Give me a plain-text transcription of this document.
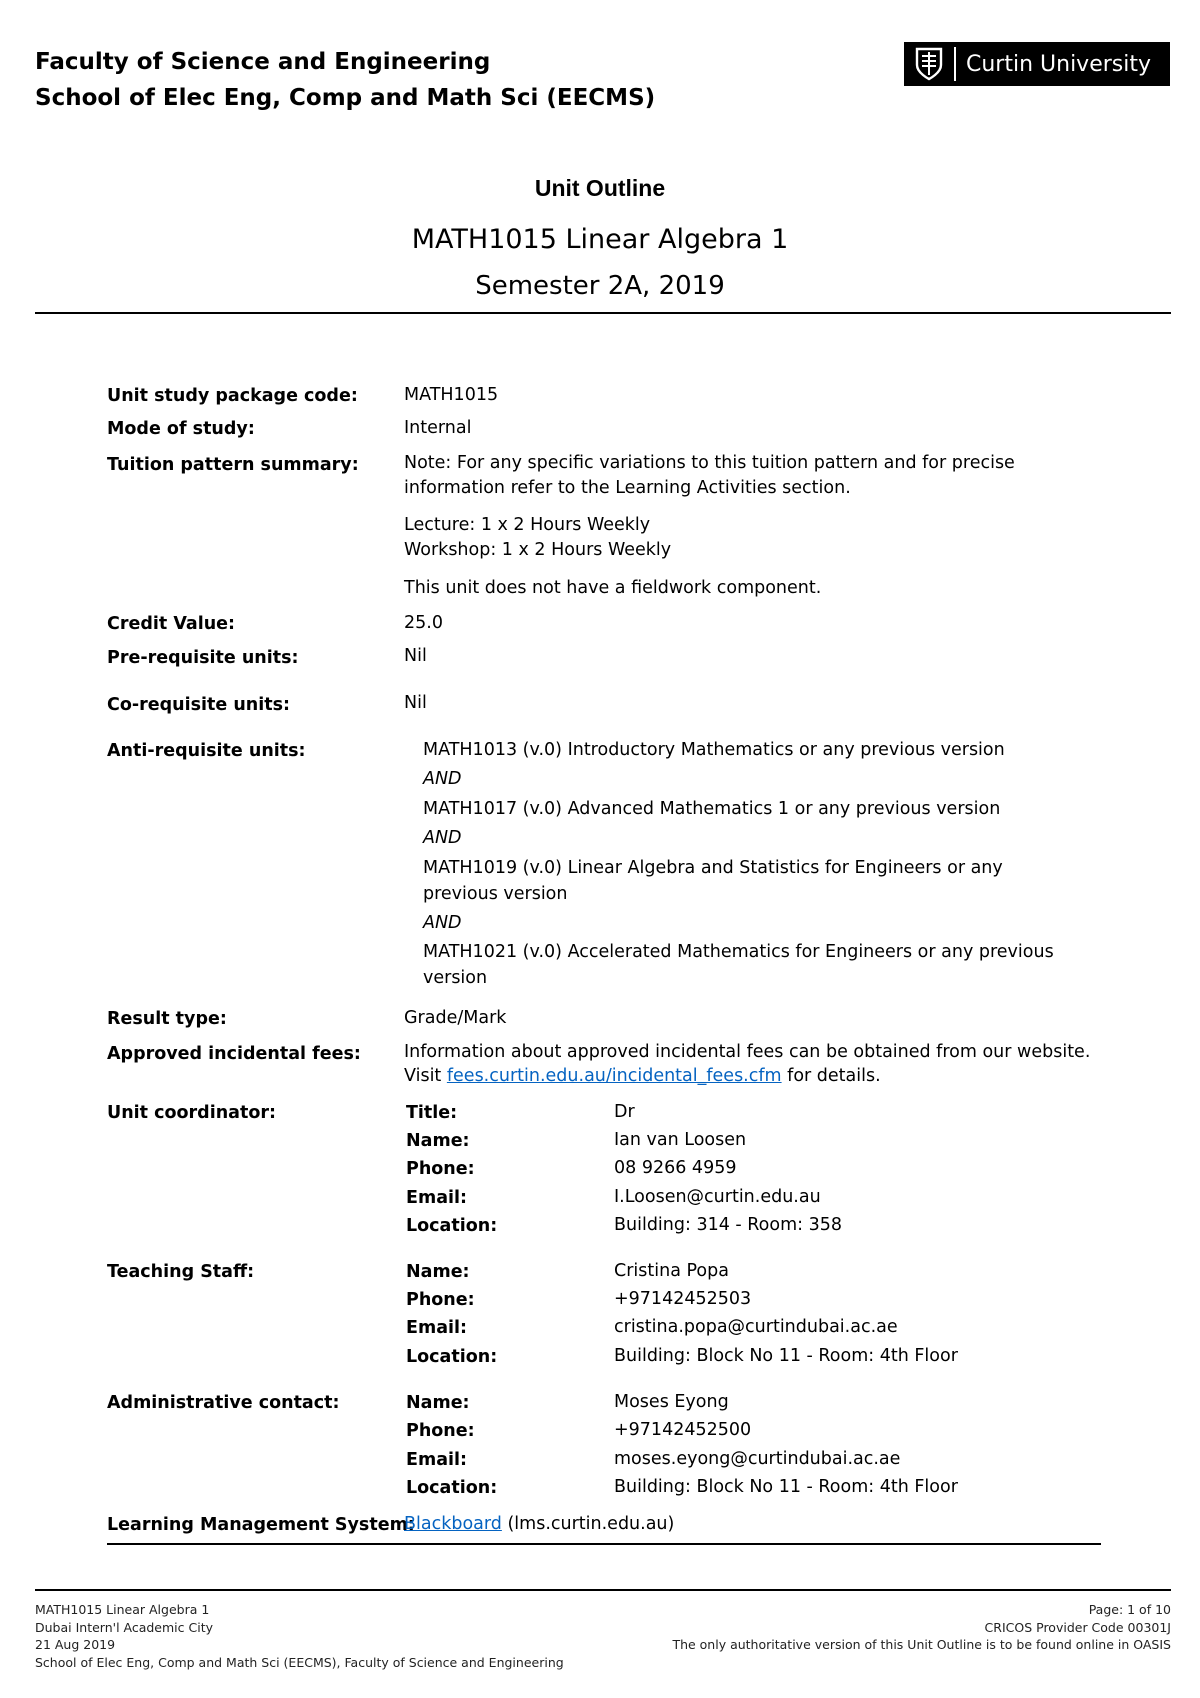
Faculty of Science and Engineering
School of Elec Eng, Comp and Math Sci (EECMS)
Curtin University
Unit Outline
MATH1015 Linear Algebra 1
Semester 2A, 2019
Unit study package code:	MATH1015
Mode of study:	Internal
Tuition pattern summary:	Note: For any specific variations to this tuition pattern and for precise
information refer to the Learning Activities section.
Lecture: 1 x 2 Hours Weekly
Workshop: 1 x 2 Hours Weekly
This unit does not have a fieldwork component.
Credit Value:	25.0
Pre-requisite units:	Nil
Co-requisite units:	Nil
Anti-requisite units:	MATH1013 (v.0) Introductory Mathematics or any previous version
AND
MATH1017 (v.0) Advanced Mathematics 1 or any previous version
AND
MATH1019 (v.0) Linear Algebra and Statistics for Engineers or any previous version
AND
MATH1021 (v.0) Accelerated Mathematics for Engineers or any previous version
Result type:	Grade/Mark
Approved incidental fees: Information about approved incidental fees can be obtained from our website.
Visit fees.curtin.edu.au/incidental_fees.cfm for details.
Unit coordinator:	Title:	Dr
Name:	Ian van Loosen
Phone:	08 9266 4959
Email:	I.Loosen@curtin.edu.au
Location:	Building: 314 - Room: 358
Teaching Staff:	Name:	Cristina Popa
Phone:	+97142452503
Email:	cristina.popa@curtindubai.ac.ae
Location:	Building: Block No 11 - Room: 4th Floor
Administrative contact:	Name:	Moses Eyong
Phone:	+97142452500
Email:	moses.eyong@curtindubai.ac.ae
Location:	Building: Block No 11 - Room: 4th Floor
Learning Management System:
Blackboard (lms.curtin.edu.au)
MATH1015 Linear Algebra 1
Dubai Intern'l Academic City
21 Aug 2019
School of Elec Eng, Comp and Math Sci (EECMS), Faculty of Science and Engineering
Page: 1 of 10
CRICOS Provider Code 00301J
The only authoritative version of this Unit Outline is to be found online in OASIS
